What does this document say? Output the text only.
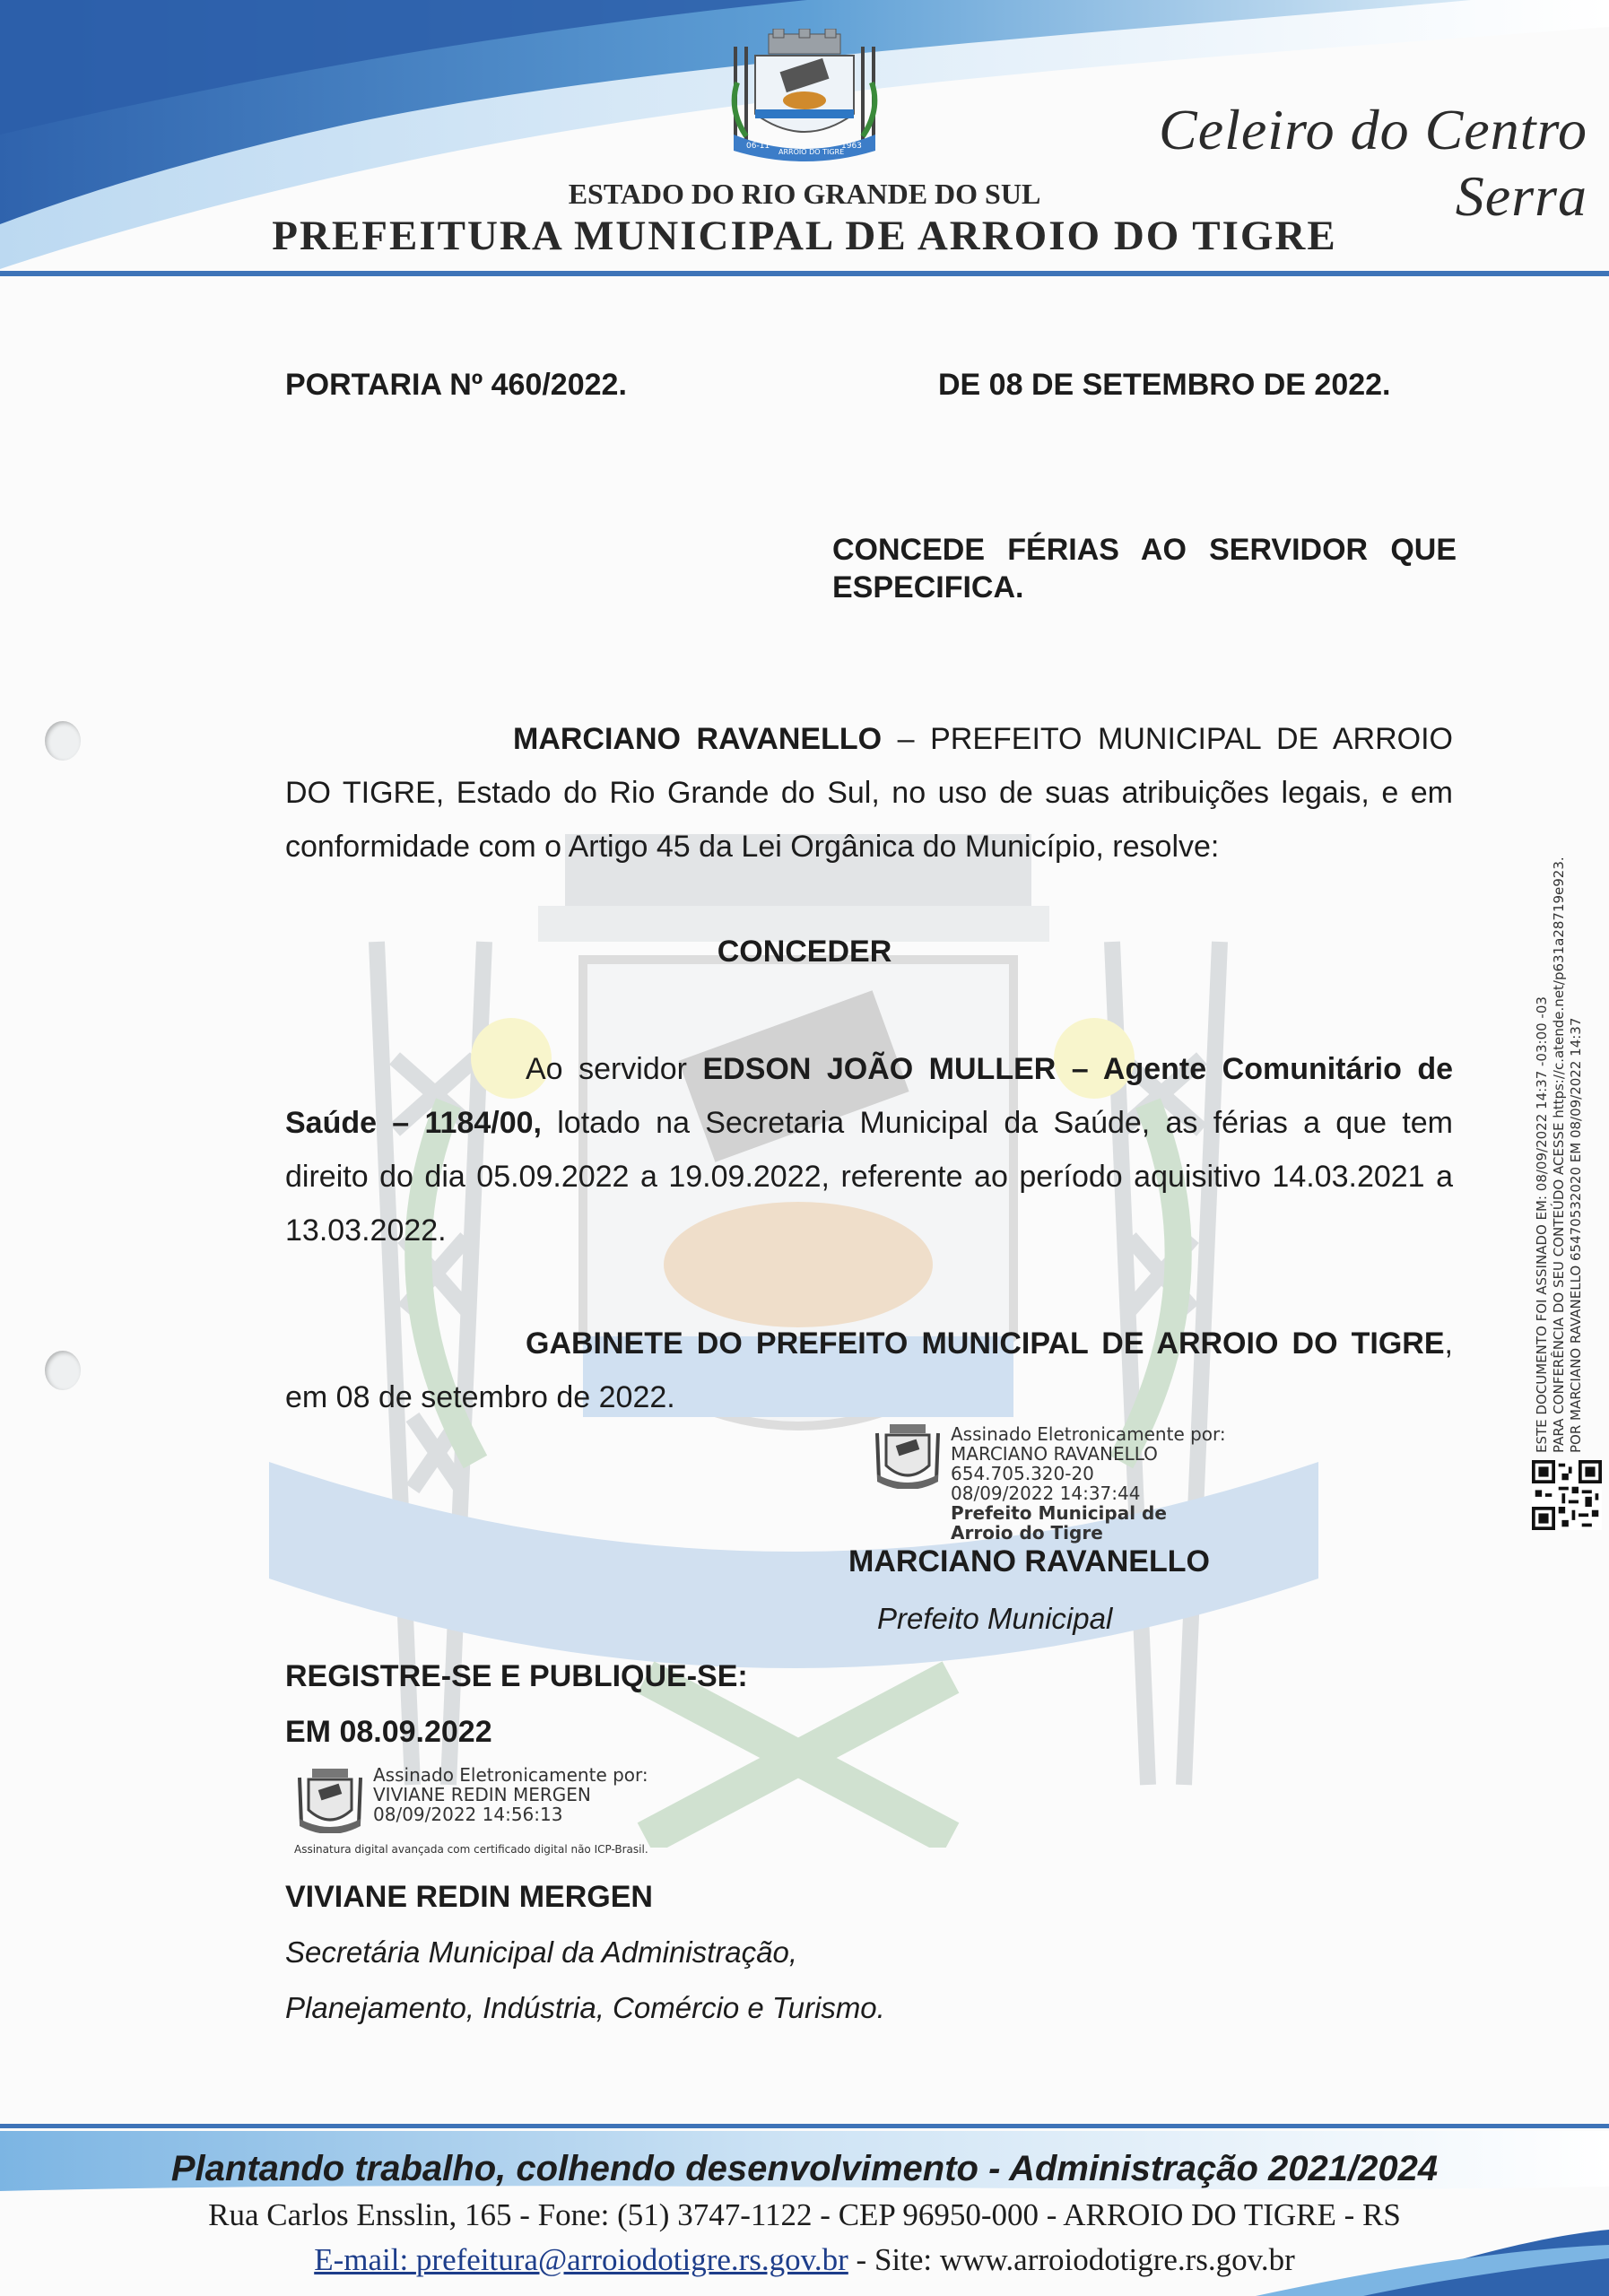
06-11
ARROIO DO TIGRE
1963	Celeiro do Centro Serra
ESTADO DO RIO GRANDE DO SUL
PREFEITURA MUNICIPAL DE ARROIO DO TIGRE
PORTARIA Nº 460/2022.	DE 08 DE SETEMBRO DE 2022.
CONCEDE FÉRIAS AO SERVIDOR QUE ESPECIFICA.
MARCIANO RAVANELLO – PREFEITO MUNICIPAL DE ARROIO DO TIGRE, Estado do Rio Grande do Sul, no uso de suas atribuições legais, e em conformidade com o Artigo 45 da Lei Orgânica do Município, resolve:
CONCEDER
Ao servidor EDSON JOÃO MULLER – Agente Comunitário de Saúde – 1184/00, lotado na Secretaria Municipal da Saúde, as férias a que tem direito do dia 05.09.2022 a 19.09.2022, referente ao período aquisitivo 14.03.2021 a 13.03.2022.
GABINETE DO PREFEITO MUNICIPAL DE ARROIO DO TIGRE, em 08 de setembro de 2022.
Assinado Eletronicamente por:
MARCIANO RAVANELLO
654.705.320-20
08/09/2022 14:37:44
Prefeito Municipal de
Arroio do Tigre
MARCIANO RAVANELLO
Prefeito Municipal
REGISTRE-SE E PUBLIQUE-SE:
EM 08.09.2022
Assinado Eletronicamente por:
VIVIANE REDIN MERGEN
08/09/2022 14:56:13
Assinatura digital avançada com certificado digital não ICP-Brasil.
VIVIANE REDIN MERGEN
Secretária Municipal da Administração,
Planejamento, Indústria, Comércio e Turismo.
ESTE DOCUMENTO FOI ASSINADO EM: 08/09/2022 14:37 -03:00 -03 PARA CONFERÊNCIA DO SEU CONTEÚDO ACESSE https://c.atende.net/p631a28719e923. POR MARCIANO RAVANELLO 65470532020 EM 08/09/2022 14:37
Plantando trabalho, colhendo desenvolvimento - Administração 2021/2024
Rua Carlos Ensslin, 165 - Fone: (51) 3747-1122 - CEP 96950-000 - ARROIO DO TIGRE - RS
E-mail: prefeitura@arroiodotigre.rs.gov.br - Site: www.arroiodotigre.rs.gov.br
